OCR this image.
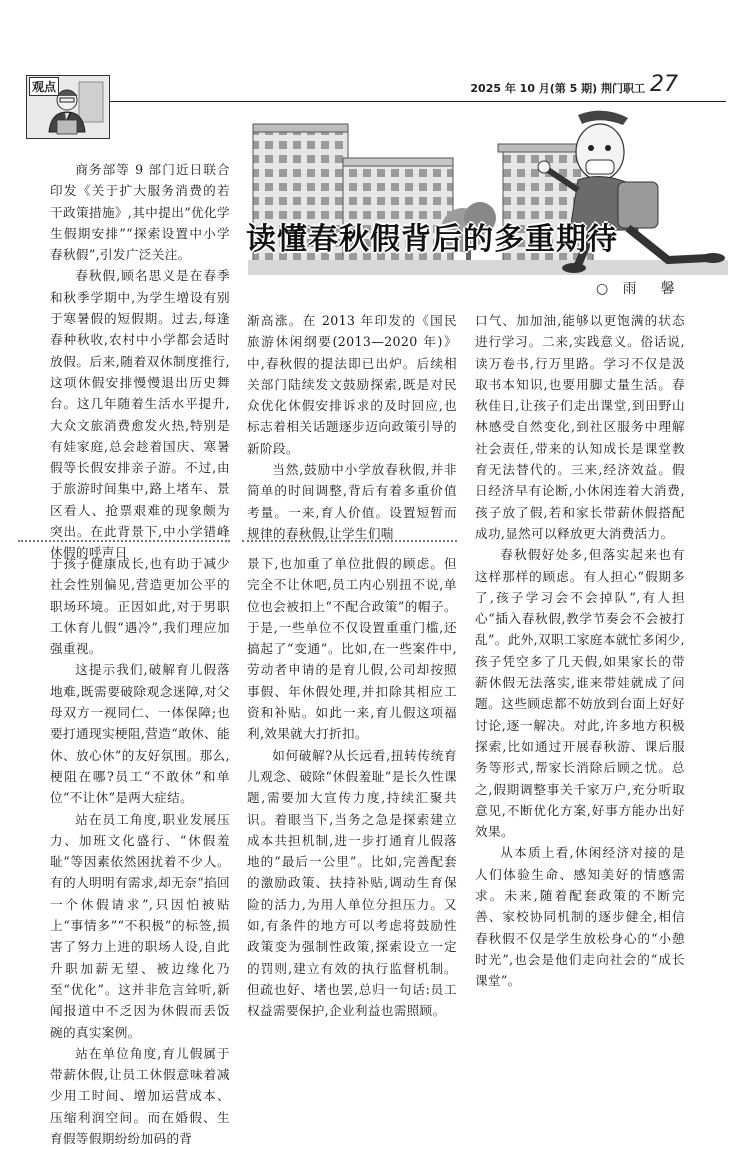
观点	2025 年 10 月(第 5 期) 荆门职工 27
读懂春秋假背后的多重期待
○ 雨　馨

商务部等 9 部门近日联合印发《关于扩大服务消费的若干政策措施》,其中提出“优化学生假期安排”“探索设置中小学春秋假”,引发广泛关注。

春秋假,顾名思义是在春季和秋季学期中,为学生增设有别于寒暑假的短假期。过去,每逢春种秋收,农村中小学都会适时放假。后来,随着双休制度推行,这项休假安排慢慢退出历史舞台。这几年随着生活水平提升,大众文旅消费愈发火热,特别是有娃家庭,总会趁着国庆、寒暑假等长假安排亲子游。不过,由于旅游时间集中,路上堵车、景区看人、抢票艰难的现象颇为突出。在此背景下,中小学错峰休假的呼声日

渐高涨。在 2013 年印发的《国民旅游休闲纲要(2013—2020 年)》中,春秋假的提法即已出炉。后续相关部门陆续发文鼓励探索,既是对民众优化休假安排诉求的及时回应,也标志着相关话题逐步迈向政策引导的新阶段。

当然,鼓励中小学放春秋假,并非简单的时间调整,背后有着多重价值考量。一来,育人价值。设置短暂而规律的春秋假,让学生们喘

口气、加加油,能够以更饱满的状态进行学习。二来,实践意义。俗话说,读万卷书,行万里路。学习不仅是汲取书本知识,也要用脚丈量生活。春秋佳日,让孩子们走出课堂,到田野山林感受自然变化,到社区服务中理解社会责任,带来的认知成长是课堂教育无法替代的。三来,经济效益。假日经济早有论断,小休闲连着大消费,孩子放了假,若和家长带薪休假搭配成功,显然可以释放更大消费活力。

春秋假好处多,但落实起来也有这样那样的顾虑。有人担心“假期多了,孩子学习会不会掉队”,有人担心“插入春秋假,教学节奏会不会被打乱”。此外,双职工家庭本就忙多闲少,孩子凭空多了几天假,如果家长的带薪休假无法落实,谁来带娃就成了问题。这些顾虑都不妨放到台面上好好讨论,逐一解决。对此,许多地方积极探索,比如通过开展春秋游、课后服务等形式,帮家长消除后顾之忧。总之,假期调整事关千家万户,充分听取意见,不断优化方案,好事方能办出好效果。

从本质上看,休闲经济对接的是人们体验生命、感知美好的情感需求。未来,随着配套政策的不断完善、家校协同机制的逐步健全,相信春秋假不仅是学生放松身心的“小憩时光”,也会是他们走向社会的“成长课堂”。

于孩子健康成长,也有助于减少社会性别偏见,营造更加公平的职场环境。正因如此,对于男职工休育儿假“遇冷”,我们理应加强重视。

这提示我们,破解育儿假落地难,既需要破除观念迷障,对父母双方一视同仁、一体保障;也要打通现实梗阻,营造“敢休、能休、放心休”的友好氛围。那么,梗阻在哪?员工“不敢休”和单位“不让休”是两大症结。

站在员工角度,职业发展压力、加班文化盛行、“休假羞耻”等因素依然困扰着不少人。有的人明明有需求,却无奈“掐回一个休假请求”,只因怕被贴上“事情多”“不积极”的标签,损害了努力上进的职场人设,自此升职加薪无望、被边缘化乃至“优化”。这并非危言耸听,新闻报道中不乏因为休假而丢饭碗的真实案例。

站在单位角度,育儿假属于带薪休假,让员工休假意味着减少用工时间、增加运营成本、压缩利润空间。而在婚假、生育假等假期纷纷加码的背

景下,也加重了单位批假的顾虑。但完全不让休吧,员工内心别扭不说,单位也会被扣上“不配合政策”的帽子。于是,一些单位不仅设置重重门槛,还搞起了“变通”。比如,在一些案件中,劳动者申请的是育儿假,公司却按照事假、年休假处理,并扣除其相应工资和补贴。如此一来,育儿假这项福利,效果就大打折扣。

如何破解?从长远看,扭转传统育儿观念、破除“休假羞耻”是长久性课题,需要加大宣传力度,持续汇聚共识。着眼当下,当务之急是探索建立成本共担机制,进一步打通育儿假落地的“最后一公里”。比如,完善配套的激励政策、扶持补贴,调动生育保险的活力,为用人单位分担压力。又如,有条件的地方可以考虑将鼓励性政策变为强制性政策,探索设立一定的罚则,建立有效的执行监督机制。但疏也好、堵也罢,总归一句话:员工权益需要保护,企业利益也需照顾。
